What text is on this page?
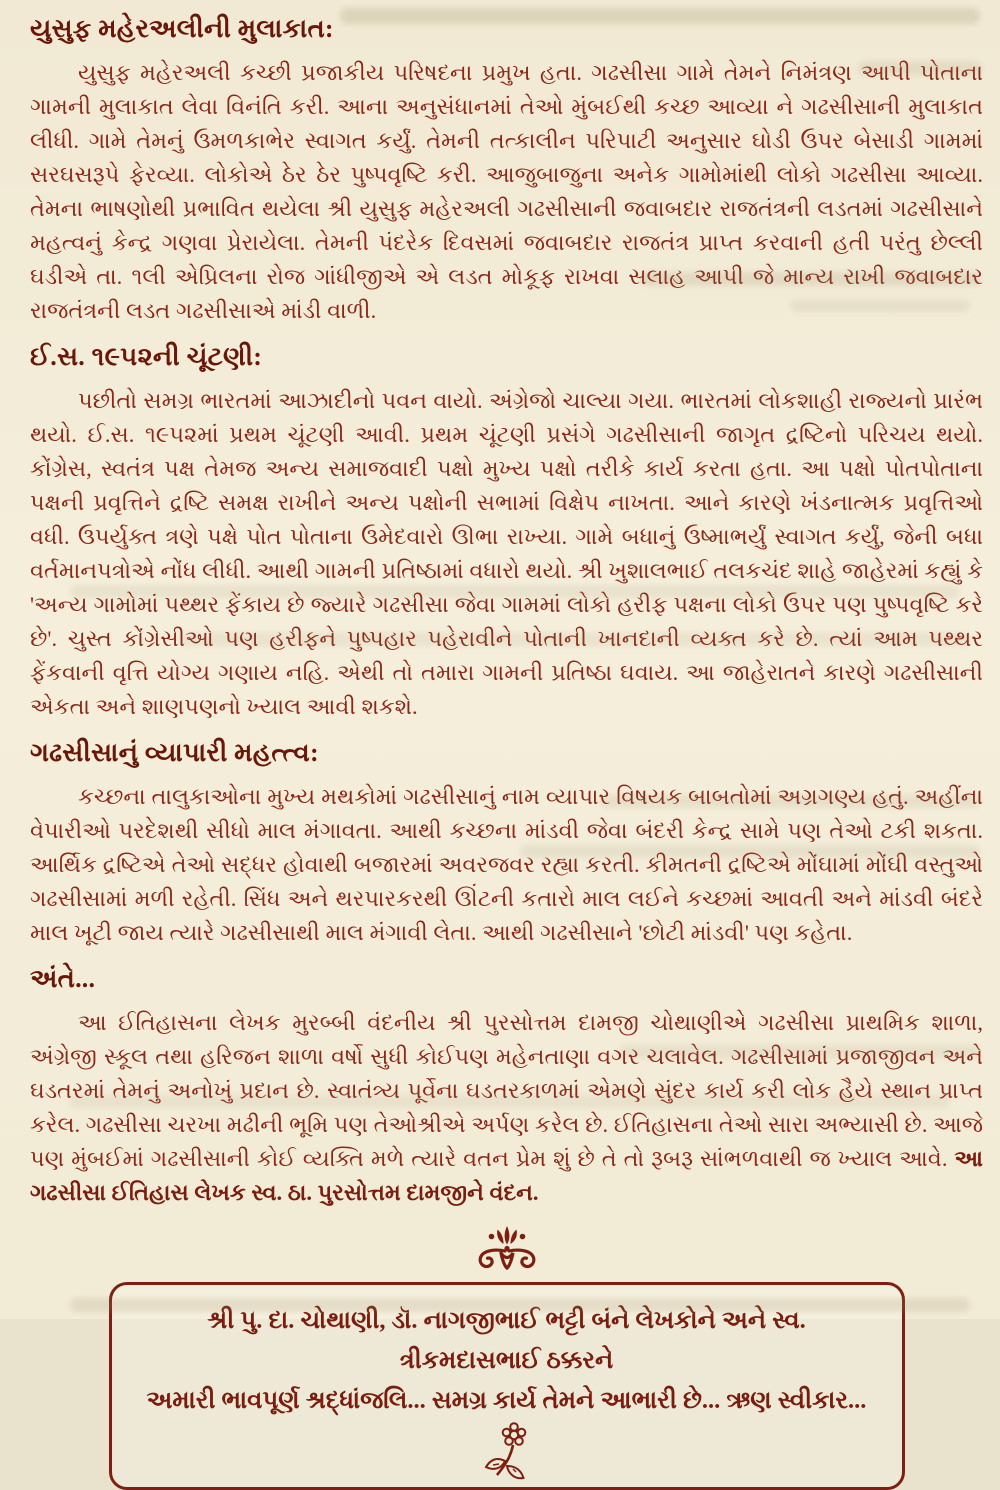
યુસુફ મહેરઅલીની મુલાકાત:

યુસુફ મહેરઅલી કચ્છી પ્રજાકીય પરિષદના પ્રમુખ હતા. ગઢસીસા ગામે તેમને નિમંત્રણ આપી પોતાના ગામની મુલાકાત લેવા વિનંતિ કરી. આના અનુસંધાનમાં તેઓ મુંબઈથી કચ્છ આવ્યા ને ગઢસીસાની મુલાકાત લીધી. ગામે તેમનું ઉમળકાભેર સ્વાગત કર્યું. તેમની તત્કાલીન પરિપાટી અનુસાર ઘોડી ઉપર બેસાડી ગામમાં સરઘસરૂપે ફેરવ્યા. લોકોએ ઠેર ઠેર પુષ્પવૃષ્ટિ કરી. આજુબાજુના અનેક ગામોમાંથી લોકો ગઢસીસા આવ્યા. તેમના ભાષણોથી પ્રભાવિત થયેલા શ્રી યુસુફ મહેરઅલી ગઢસીસાની જવાબદાર રાજતંત્રની લડતમાં ગઢસીસાને મહત્વનું કેન્દ્ર ગણવા પ્રેરાયેલા. તેમની પંદરેક દિવસમાં જવાબદાર રાજતંત્ર પ્રાપ્ત કરવાની હતી પરંતુ છેલ્લી ઘડીએ તા. ૧લી એપ્રિલના રોજ ગાંધીજીએ એ લડત મોકૂફ રાખવા સલાહ આપી જે માન્ય રાખી જવાબદાર રાજતંત્રની લડત ગઢસીસાએ માંડી વાળી.

ઈ.સ. ૧૯૫૨ની ચૂંટણી:

પછીતો સમગ્ર ભારતમાં આઝાદીનો પવન વાયો. અંગ્રેજો ચાલ્યા ગયા. ભારતમાં લોકશાહી રાજ્યનો પ્રારંભ થયો. ઈ.સ. ૧૯૫૨માં પ્રથમ ચૂંટણી આવી. પ્રથમ ચૂંટણી પ્રસંગે ગઢસીસાની જાગૃત દ્રષ્ટિનો પરિચય થયો. કોંગ્રેસ, સ્વતંત્ર પક્ષ તેમજ અન્ય સમાજવાદી પક્ષો મુખ્ય પક્ષો તરીકે કાર્ય કરતા હતા. આ પક્ષો પોતપોતાના પક્ષની પ્રવૃત્તિને દ્રષ્ટિ સમક્ષ રાખીને અન્ય પક્ષોની સભામાં વિક્ષેપ નાખતા. આને કારણે ખંડનાત્મક પ્રવૃત્તિઓ વધી. ઉપર્યુક્ત ત્રણે પક્ષે પોત પોતાના ઉમેદવારો ઊભા રાખ્યા. ગામે બધાનું ઉષ્માભર્યું સ્વાગત કર્યું, જેની બધા વર્તમાનપત્રોએ નોંધ લીધી. આથી ગામની પ્રતિષ્ઠામાં વધારો થયો. શ્રી ખુશાલભાઈ તલકચંદ શાહે જાહેરમાં કહ્યું કે 'અન્ય ગામોમાં પથ્થર ફેંકાય છે જ્યારે ગઢસીસા જેવા ગામમાં લોકો હરીફ પક્ષના લોકો ઉપર પણ પુષ્પવૃષ્ટિ કરે છે'. ચુસ્ત કોંગ્રેસીઓ પણ હરીફને પુષ્પહાર પહેરાવીને પોતાની ખાનદાની વ્યક્ત કરે છે. ત્યાં આમ પથ્થર ફેંકવાની વૃત્તિ યોગ્ય ગણાય નહિ. એથી તો તમારા ગામની પ્રતિષ્ઠા ઘવાય. આ જાહેરાતને કારણે ગઢસીસાની એકતા અને શાણપણનો ખ્યાલ આવી શકશે.

ગઢસીસાનું વ્યાપારી મહત્ત્વ:

કચ્છના તાલુકાઓના મુખ્ય મથકોમાં ગઢસીસાનું નામ વ્યાપાર વિષયક બાબતોમાં અગ્રગણ્ય હતું. અહીંના વેપારીઓ પરદેશથી સીધો માલ મંગાવતા. આથી કચ્છના માંડવી જેવા બંદરી કેન્દ્ર સામે પણ તેઓ ટકી શકતા. આર્થિક દ્રષ્ટિએ તેઓ સદ્ધર હોવાથી બજારમાં અવરજવર રહ્યા કરતી. કીમતની દ્રષ્ટિએ મોંઘામાં મોંઘી વસ્તુઓ ગઢસીસામાં મળી રહેતી. સિંધ અને થરપારકરથી ઊંટની કતારો માલ લઈને કચ્છમાં આવતી અને માંડવી બંદરે માલ ખૂટી જાય ત્યારે ગઢસીસાથી માલ મંગાવી લેતા. આથી ગઢસીસાને 'છોટી માંડવી' પણ કહેતા.

અંતે...

આ ઈતિહાસના લેખક મુરબ્બી વંદનીય શ્રી પુરસોત્તમ દામજી ચોથાણીએ ગઢસીસા પ્રાથમિક શાળા, અંગ્રેજી સ્કૂલ તથા હરિજન શાળા વર્ષો સુધી કોઈપણ મહેનતાણા વગર ચલાવેલ. ગઢસીસામાં પ્રજાજીવન અને ઘડતરમાં તેમનું અનોખું પ્રદાન છે. સ્વાતંત્ર્ય પૂર્વેના ઘડતરકાળમાં એમણે સુંદર કાર્ય કરી લોક હૈયે સ્થાન પ્રાપ્ત કરેલ. ગઢસીસા ચરખા મઢીની ભૂમિ પણ તેઓશ્રીએ અર્પણ કરેલ છે. ઈતિહાસના તેઓ સારા અભ્યાસી છે. આજે પણ મુંબઈમાં ગઢસીસાની કોઈ વ્યક્તિ મળે ત્યારે વતન પ્રેમ શું છે તે તો રૂબરૂ સાંભળવાથી જ ખ્યાલ આવે. આ ગઢસીસા ઈતિહાસ લેખક સ્વ. ઠા. પુરસોત્તમ દામજીને વંદન.

શ્રી પુ. દા. ચોથાણી, ડૉ. નાગજીભાઈ ભટ્ટી બંને લેખકોને અને સ્વ. ત્રીકમદાસભાઈ ઠક્કરને

અમારી ભાવપૂર્ણ શ્રદ્ધાંજલિ... સમગ્ર કાર્ય તેમને આભારી છે... ઋણ સ્વીકાર...
